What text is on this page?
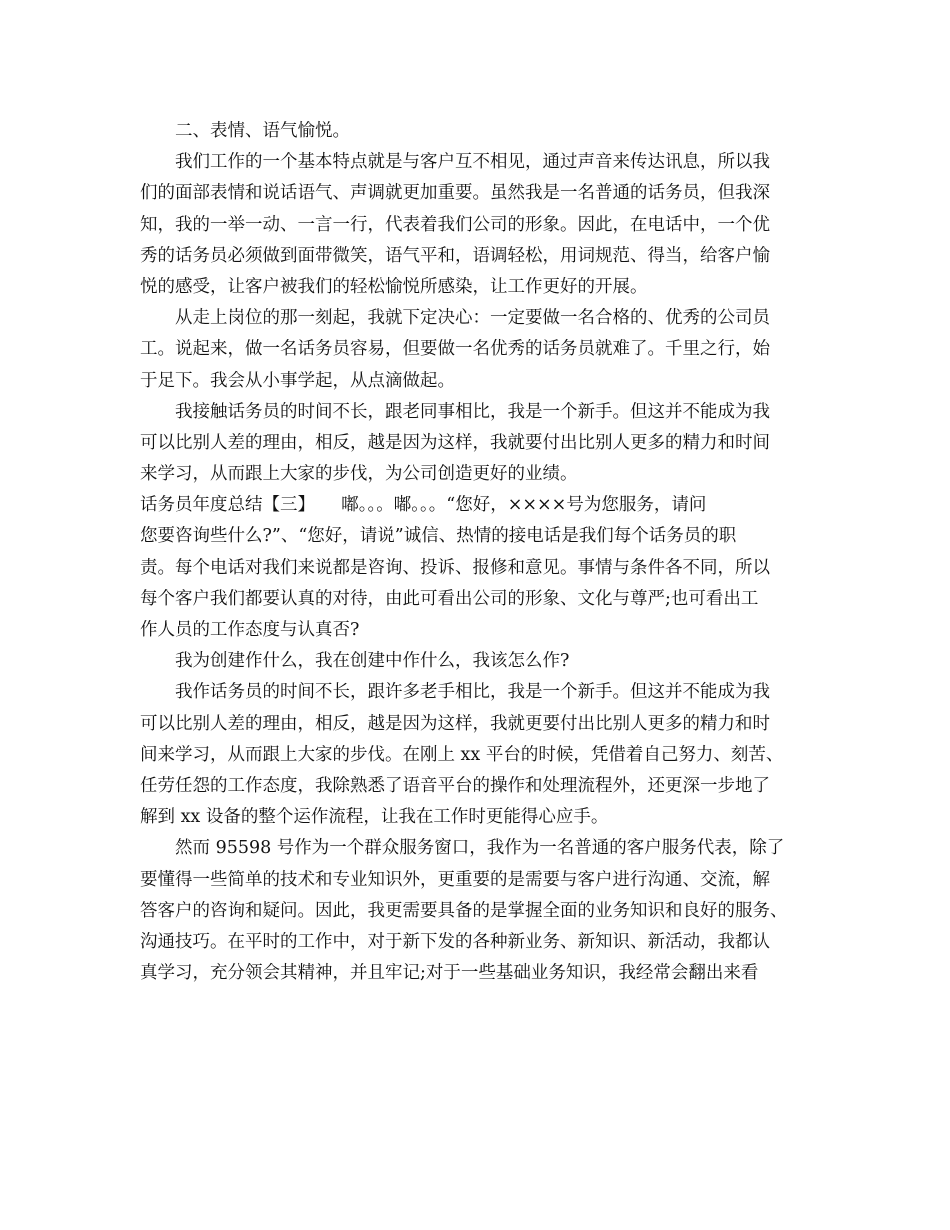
二、表情、语气愉悦。
我们工作的一个基本特点就是与客户互不相见，通过声音来传达讯息，所以我
们的面部表情和说话语气、声调就更加重要。虽然我是一名普通的话务员，但我深
知，我的一举一动、一言一行，代表着我们公司的形象。因此，在电话中，一个优
秀的话务员必须做到面带微笑，语气平和，语调轻松，用词规范、得当，给客户愉
悦的感受，让客户被我们的轻松愉悦所感染，让工作更好的开展。
从走上岗位的那一刻起，我就下定决心：一定要做一名合格的、优秀的公司员
工。说起来，做一名话务员容易，但要做一名优秀的话务员就难了。千里之行，始
于足下。我会从小事学起，从点滴做起。
我接触话务员的时间不长，跟老同事相比，我是一个新手。但这并不能成为我
可以比别人差的理由，相反，越是因为这样，我就要付出比别人更多的精力和时间
来学习，从而跟上大家的步伐，为公司创造更好的业绩。
话务员年度总结【三】　　嘟。。。嘟。。。“您好，××××号为您服务，请问
您要咨询些什么?”、“您好，请说”诚信、热情的接电话是我们每个话务员的职
责。每个电话对我们来说都是咨询、投诉、报修和意见。事情与条件各不同，所以
每个客户我们都要认真的对待，由此可看出公司的形象、文化与尊严;也可看出工
作人员的工作态度与认真否?
我为创建作什么，我在创建中作什么，我该怎么作?
我作话务员的时间不长，跟许多老手相比，我是一个新手。但这并不能成为我
可以比别人差的理由，相反，越是因为这样，我就更要付出比别人更多的精力和时
间来学习，从而跟上大家的步伐。在刚上 xx 平台的时候，凭借着自己努力、刻苦、
任劳任怨的工作态度，我除熟悉了语音平台的操作和处理流程外，还更深一步地了
解到 xx 设备的整个运作流程，让我在工作时更能得心应手。
然而 95598 号作为一个群众服务窗口，我作为一名普通的客户服务代表，除了
要懂得一些简单的技术和专业知识外，更重要的是需要与客户进行沟通、交流，解
答客户的咨询和疑问。因此，我更需要具备的是掌握全面的业务知识和良好的服务、
沟通技巧。在平时的工作中，对于新下发的各种新业务、新知识、新活动，我都认
真学习，充分领会其精神，并且牢记;对于一些基础业务知识，我经常会翻出来看
